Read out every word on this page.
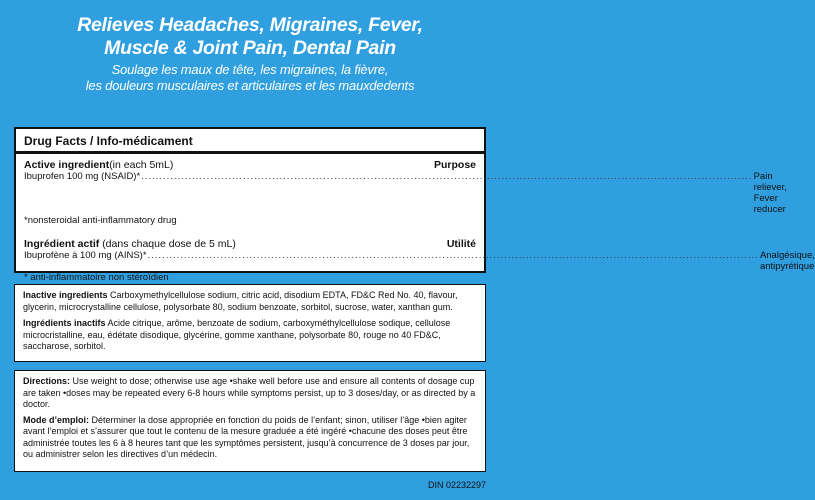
Relieves Headaches, Migraines, Fever,
Muscle & Joint Pain, Dental Pain
Soulage les maux de tête, les migraines, la fièvre,
les douleurs musculaires et articulaires et les mauxdedents
Drug Facts / Info-médicament
Active ingredient(in each 5mL)	Purpose
Ibuprofen 100 mg (NSAID)* ........................................................................................................................................................................ Pain reliever, Fever reducer
*nonsteroidal anti-inflammatory drug
Ingrédient actif (dans chaque dose de 5 mL)	Utilité
Ibuprofène à 100 mg (AINS)* ........................................................................................................................................................................ Analgésique, antipyrétique
* anti-inflammatoire non stéroïdien

Inactive ingredients Carboxymethylcellulose sodium, citric acid, disodium EDTA, FD&C Red No. 40, flavour, glycerin, microcrystalline cellulose, polysorbate 80, sodium benzoate, sorbitol, sucrose, water, xanthan gum.

Ingrédients inactifs Acide citrique, arôme, benzoate de sodium, carboxyméthylcellulose sodique, cellulose microcristalline, eau, édétate disodique, glycérine, gomme xanthane, polysorbate 80, rouge no 40 FD&C, saccharose, sorbitol.

Directions: Use weight to dose; otherwise use age •shake well before use and ensure all contents of dosage cup are taken •doses may be repeated every 6-8 hours while symptoms persist, up to 3 doses/day, or as directed by a doctor.

Mode d’emploi: Déterminer la dose appropriée en fonction du poids de l’enfant; sinon, utiliser l’âge •bien agiter avant l’emploi et s’assurer que tout le contenu de la mesure graduée a été ingéré •chacune des doses peut être administrée toutes les 6 à 8 heures tant que les symptômes persistent, jusqu’à concurrence de 3 doses par jour, ou administrer selon les directives d’un médecin.

DIN 02232297
